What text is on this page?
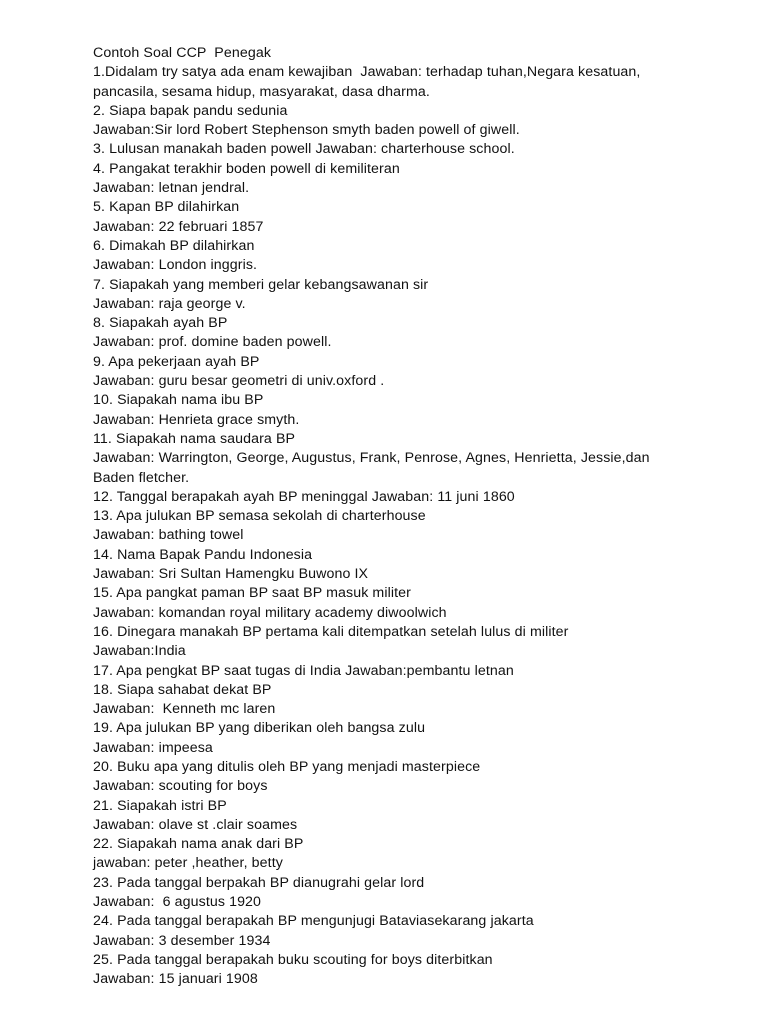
Contoh Soal CCP  Penegak
1.Didalam try satya ada enam kewajiban  Jawaban: terhadap tuhan,Negara kesatuan,
pancasila, sesama hidup, masyarakat, dasa dharma.
2. Siapa bapak pandu sedunia
Jawaban:Sir lord Robert Stephenson smyth baden powell of giwell.
3. Lulusan manakah baden powell Jawaban: charterhouse school.
4. Pangakat terakhir boden powell di kemiliteran
Jawaban: letnan jendral.
5. Kapan BP dilahirkan
Jawaban: 22 februari 1857
6. Dimakah BP dilahirkan
Jawaban: London inggris.
7. Siapakah yang memberi gelar kebangsawanan sir
Jawaban: raja george v.
8. Siapakah ayah BP
Jawaban: prof. domine baden powell.
9. Apa pekerjaan ayah BP
Jawaban: guru besar geometri di univ.oxford .
10. Siapakah nama ibu BP
Jawaban: Henrieta grace smyth.
11. Siapakah nama saudara BP
Jawaban: Warrington, George, Augustus, Frank, Penrose, Agnes, Henrietta, Jessie,dan
Baden fletcher.
12. Tanggal berapakah ayah BP meninggal Jawaban: 11 juni 1860
13. Apa julukan BP semasa sekolah di charterhouse
Jawaban: bathing towel
14. Nama Bapak Pandu Indonesia
Jawaban: Sri Sultan Hamengku Buwono IX
15. Apa pangkat paman BP saat BP masuk militer
Jawaban: komandan royal military academy diwoolwich
16. Dinegara manakah BP pertama kali ditempatkan setelah lulus di militer
Jawaban:India
17. Apa pengkat BP saat tugas di India Jawaban:pembantu letnan
18. Siapa sahabat dekat BP
Jawaban:  Kenneth mc laren
19. Apa julukan BP yang diberikan oleh bangsa zulu
Jawaban: impeesa
20. Buku apa yang ditulis oleh BP yang menjadi masterpiece
Jawaban: scouting for boys
21. Siapakah istri BP
Jawaban: olave st .clair soames
22. Siapakah nama anak dari BP
jawaban: peter ,heather, betty
23. Pada tanggal berpakah BP dianugrahi gelar lord
Jawaban:  6 agustus 1920
24. Pada tanggal berapakah BP mengunjugi Bataviasekarang jakarta
Jawaban: 3 desember 1934
25. Pada tanggal berapakah buku scouting for boys diterbitkan
Jawaban: 15 januari 1908
